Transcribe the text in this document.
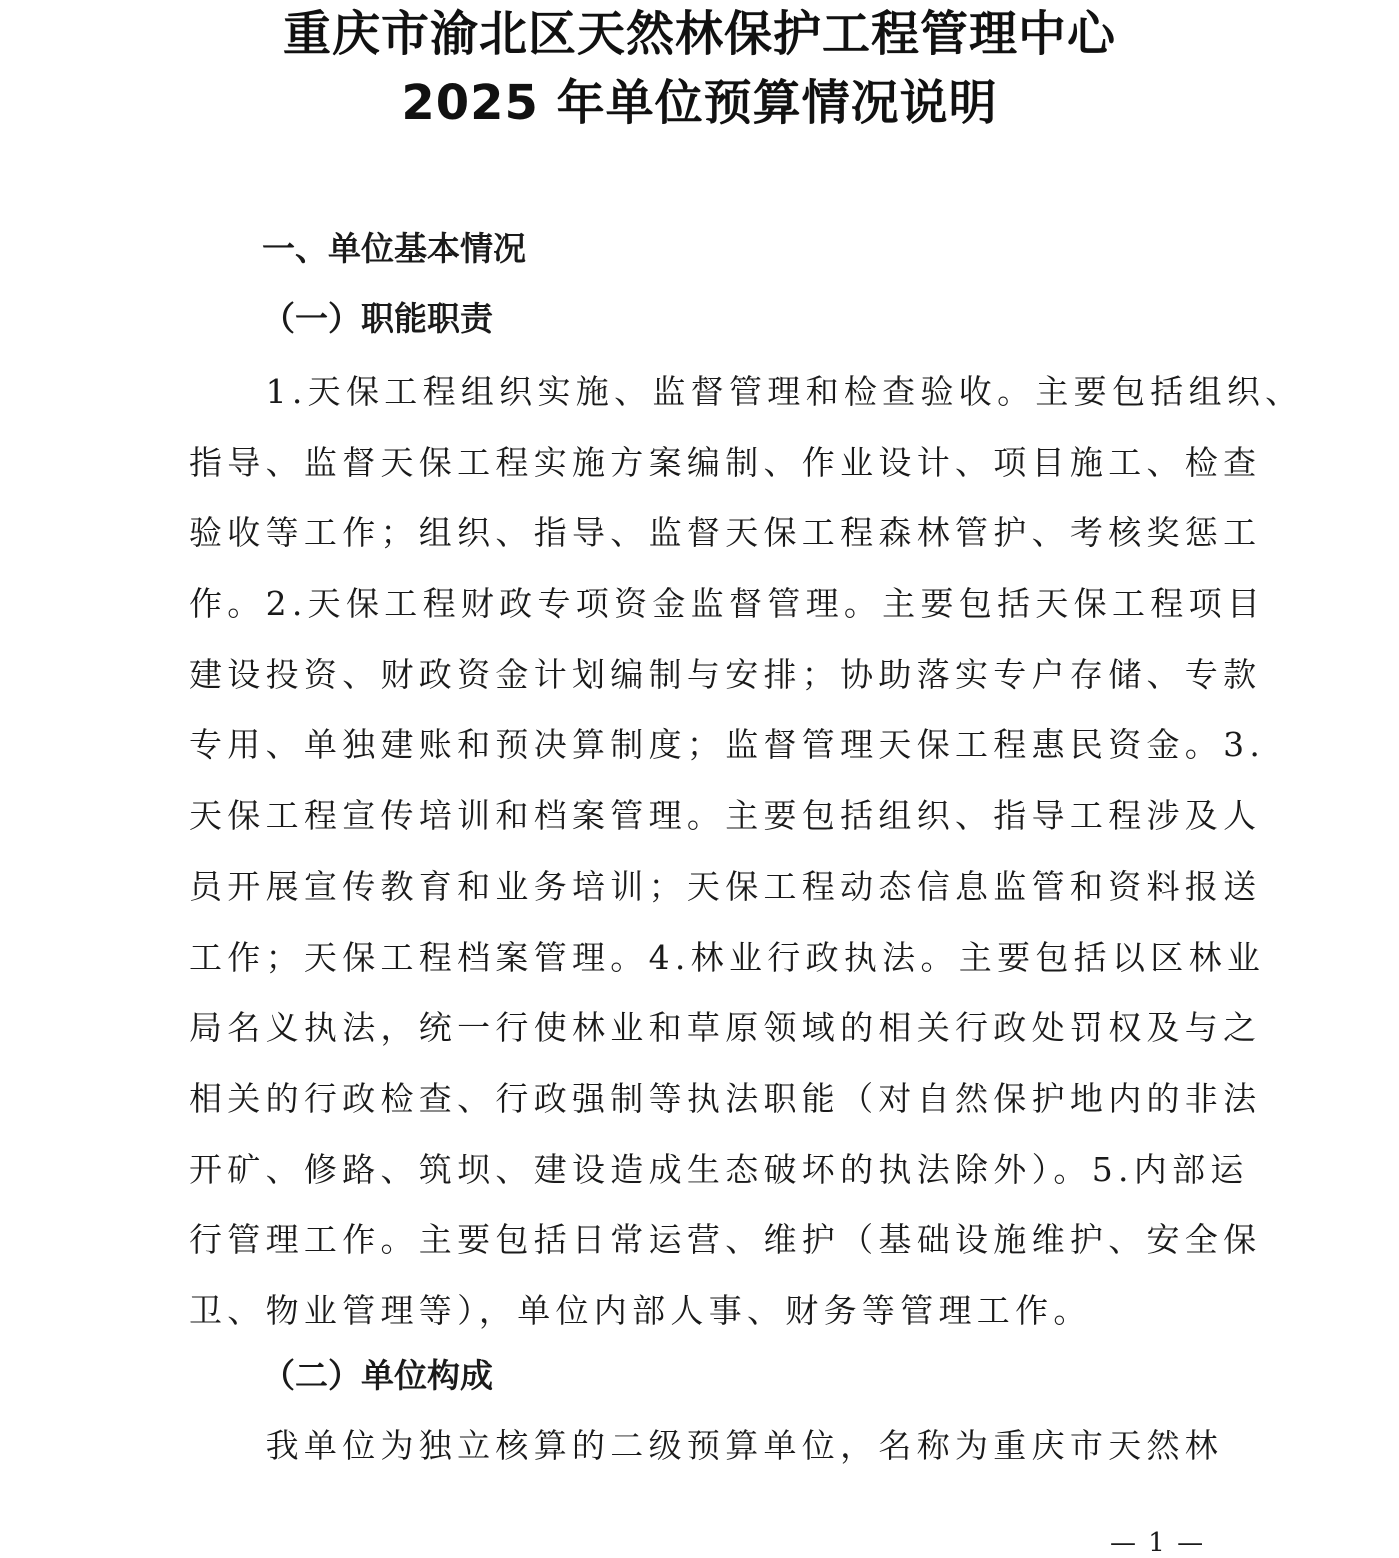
重庆市渝北区天然林保护工程管理中心
2025 年单位预算情况说明
一、单位基本情况
（一）职能职责

　　1.天保工程组织实施、监督管理和检查验收。主要包括组织、
指导、监督天保工程实施方案编制、作业设计、项目施工、检查
验收等工作；组织、指导、监督天保工程森林管护、考核奖惩工
作。2.天保工程财政专项资金监督管理。主要包括天保工程项目
建设投资、财政资金计划编制与安排；协助落实专户存储、专款
专用、单独建账和预决算制度；监督管理天保工程惠民资金。3.
天保工程宣传培训和档案管理。主要包括组织、指导工程涉及人
员开展宣传教育和业务培训；天保工程动态信息监管和资料报送
工作；天保工程档案管理。4.林业行政执法。主要包括以区林业
局名义执法，统一行使林业和草原领域的相关行政处罚权及与之
相关的行政检查、行政强制等执法职能（对自然保护地内的非法
开矿、修路、筑坝、建设造成生态破坏的执法除外）。5.内部运
行管理工作。主要包括日常运营、维护（基础设施维护、安全保
卫、物业管理等），单位内部人事、财务等管理工作。

（二）单位构成

　　我单位为独立核算的二级预算单位，名称为重庆市天然林

— 1 —
